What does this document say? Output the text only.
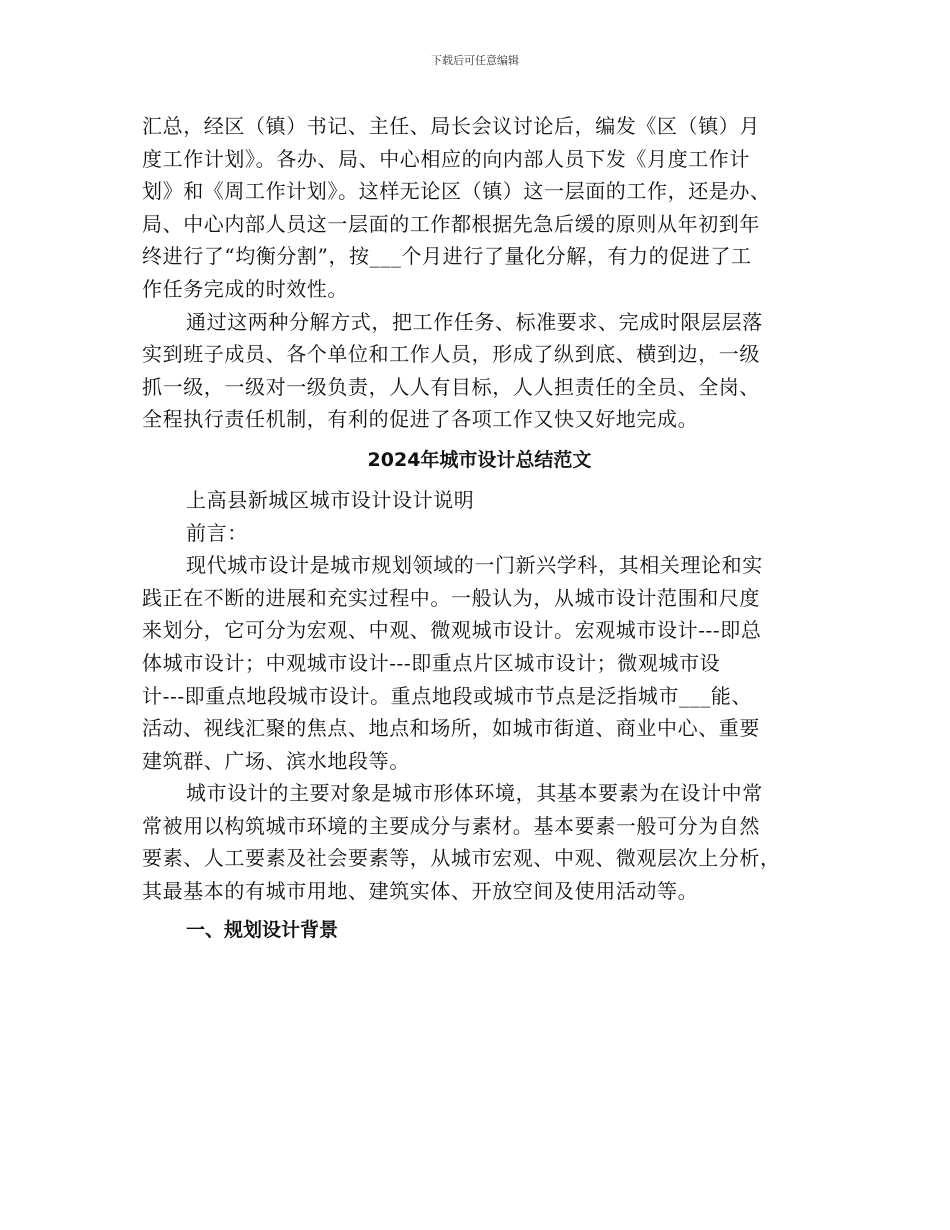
下载后可任意编辑
汇总，经区（镇）书记、主任、局长会议讨论后，编发《区（镇）月
度工作计划》。各办、局、中心相应的向内部人员下发《月度工作计
划》和《周工作计划》。这样无论区（镇）这一层面的工作，还是办、
局、中心内部人员这一层面的工作都根据先急后缓的原则从年初到年
终进行了“均衡分割”，按___个月进行了量化分解，有力的促进了工
作任务完成的时效性。
通过这两种分解方式，把工作任务、标准要求、完成时限层层落
实到班子成员、各个单位和工作人员，形成了纵到底、横到边，一级
抓一级，一级对一级负责，人人有目标，人人担责任的全员、全岗、
全程执行责任机制，有利的促进了各项工作又快又好地完成。
2024年城市设计总结范文
上高县新城区城市设计设计说明
前言：
现代城市设计是城市规划领域的一门新兴学科，其相关理论和实
践正在不断的进展和充实过程中。一般认为，从城市设计范围和尺度
来划分，它可分为宏观、中观、微观城市设计。宏观城市设计---即总
体城市设计；中观城市设计---即重点片区城市设计；微观城市设
计---即重点地段城市设计。重点地段或城市节点是泛指城市___能、
活动、视线汇聚的焦点、地点和场所，如城市街道、商业中心、重要
建筑群、广场、滨水地段等。
城市设计的主要对象是城市形体环境，其基本要素为在设计中常
常被用以构筑城市环境的主要成分与素材。基本要素一般可分为自然
要素、人工要素及社会要素等，从城市宏观、中观、微观层次上分析，
其最基本的有城市用地、建筑实体、开放空间及使用活动等。
一、规划设计背景
